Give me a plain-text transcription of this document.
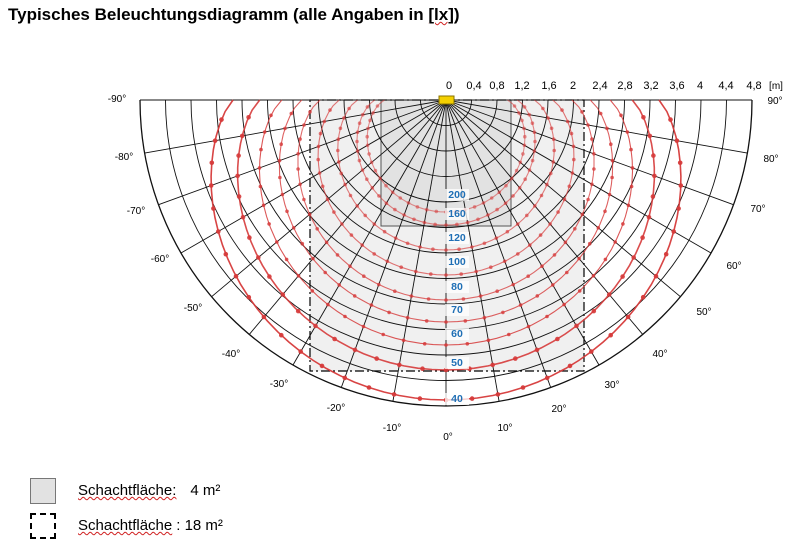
Typisches Beleuchtungsdiagramm (alle Angaben in [lx])
0 0,4 0,8 1,2 1,6 2 2,4 2,8 3,2 3,6 4 4,4 4,8 [m]
-90°
-80°
-70°
-60°
-50°
-40°
-30°
-20°
-10°
0°
10°
20°
30°
40°
50°
60°
70°
80°
90°
200
160
120
100
80
70
60
50
40
Schachtfläche: 4 m²
Schachtfläche : 18 m²
